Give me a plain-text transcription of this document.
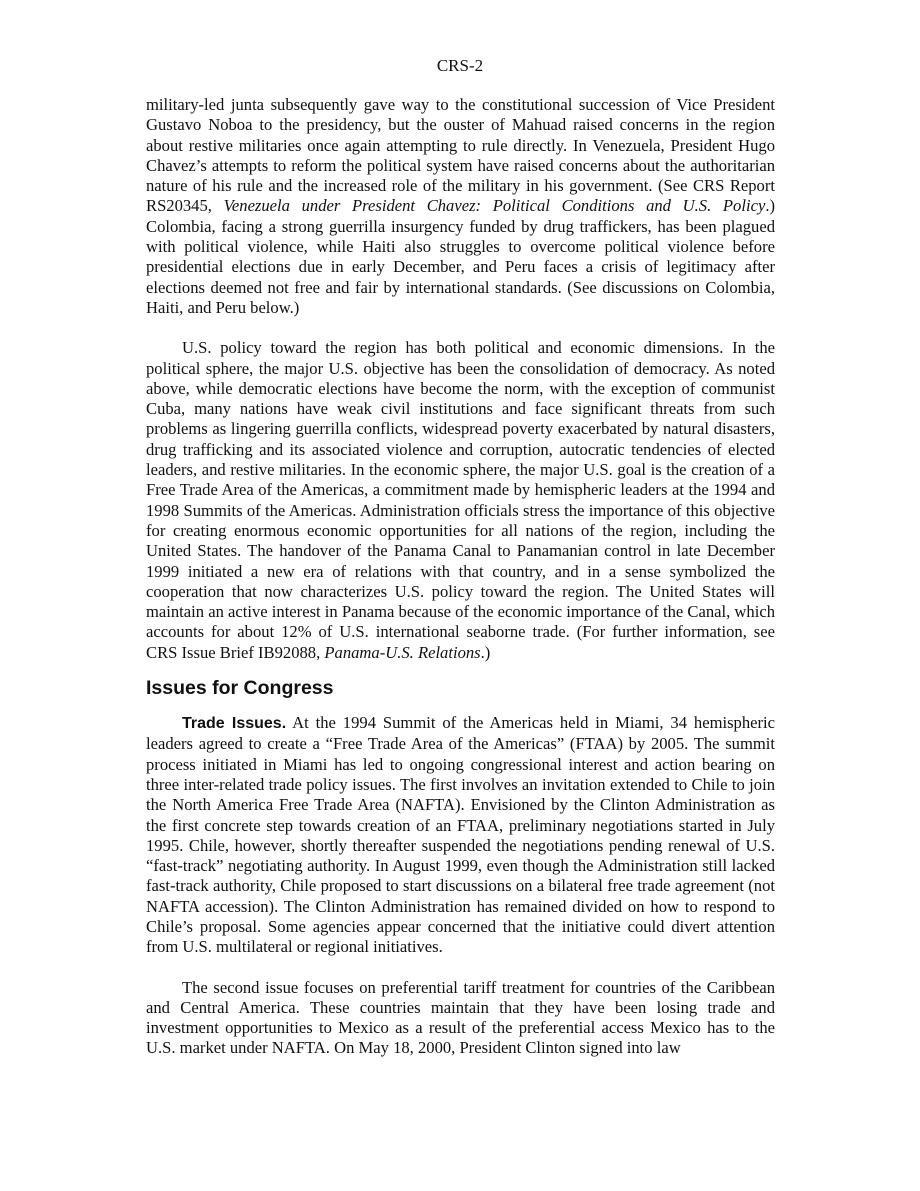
CRS-2

military-led junta subsequently gave way to the constitutional succession of Vice President Gustavo Noboa to the presidency, but the ouster of Mahuad raised concerns in the region about restive militaries once again attempting to rule directly. In Venezuela, President Hugo Chavez’s attempts to reform the political system have raised concerns about the authoritarian nature of his rule and the increased role of the military in his government. (See CRS Report RS20345, Venezuela under President Chavez: Political Conditions and U.S. Policy.) Colombia, facing a strong guerrilla insurgency funded by drug traffickers, has been plagued with political violence, while Haiti also struggles to overcome political violence before presidential elections due in early December, and Peru faces a crisis of legitimacy after elections deemed not free and fair by international standards. (See discussions on Colombia, Haiti, and Peru below.)

U.S. policy toward the region has both political and economic dimensions. In the political sphere, the major U.S. objective has been the consolidation of democracy. As noted above, while democratic elections have become the norm, with the exception of communist Cuba, many nations have weak civil institutions and face significant threats from such problems as lingering guerrilla conflicts, widespread poverty exacerbated by natural disasters, drug trafficking and its associated violence and corruption, autocratic tendencies of elected leaders, and restive militaries. In the economic sphere, the major U.S. goal is the creation of a Free Trade Area of the Americas, a commitment made by hemispheric leaders at the 1994 and 1998 Summits of the Americas. Administration officials stress the importance of this objective for creating enormous economic opportunities for all nations of the region, including the United States. The handover of the Panama Canal to Panamanian control in late December 1999 initiated a new era of relations with that country, and in a sense symbolized the cooperation that now characterizes U.S. policy toward the region. The United States will maintain an active interest in Panama because of the economic importance of the Canal, which accounts for about 12% of U.S. international seaborne trade. (For further information, see CRS Issue Brief IB92088, Panama-U.S. Relations.)

Issues for Congress

Trade Issues. At the 1994 Summit of the Americas held in Miami, 34 hemispheric leaders agreed to create a “Free Trade Area of the Americas” (FTAA) by 2005. The summit process initiated in Miami has led to ongoing congressional interest and action bearing on three inter-related trade policy issues. The first involves an invitation extended to Chile to join the North America Free Trade Area (NAFTA). Envisioned by the Clinton Administration as the first concrete step towards creation of an FTAA, preliminary negotiations started in July 1995. Chile, however, shortly thereafter suspended the negotiations pending renewal of U.S. “fast-track” negotiating authority. In August 1999, even though the Administration still lacked fast-track authority, Chile proposed to start discussions on a bilateral free trade agreement (not NAFTA accession). The Clinton Administration has remained divided on how to respond to Chile’s proposal. Some agencies appear concerned that the initiative could divert attention from U.S. multilateral or regional initiatives.

The second issue focuses on preferential tariff treatment for countries of the Caribbean and Central America. These countries maintain that they have been losing trade and investment opportunities to Mexico as a result of the preferential access Mexico has to the U.S. market under NAFTA. On May 18, 2000, President Clinton signed into law
